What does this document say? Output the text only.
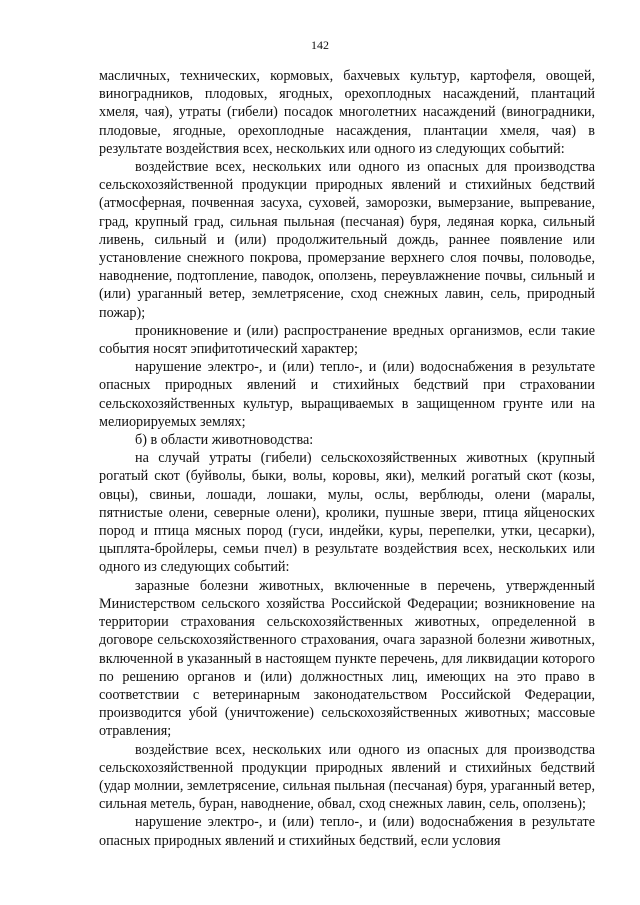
142

масличных, технических, кормовых, бахчевых культур, картофеля, овощей, виноградников, плодовых, ягодных, орехоплодных насаждений, плантаций хмеля, чая), утраты (гибели) посадок многолетних насаждений (виноградники, плодовые, ягодные, орехоплодные насаждения, плантации хмеля, чая) в результате воздействия всех, нескольких или одного из следующих событий:

воздействие всех, нескольких или одного из опасных для производства сельскохозяйственной продукции природных явлений и стихийных бедствий (атмосферная, почвенная засуха, суховей, заморозки, вымерзание, выпревание, град, крупный град, сильная пыльная (песчаная) буря, ледяная корка, сильный ливень, сильный и (или) продолжительный дождь, раннее появление или установление снежного покрова, промерзание верхнего слоя почвы, половодье, наводнение, подтопление, паводок, оползень, переувлажнение почвы, сильный и (или) ураганный ветер, землетрясение, сход снежных лавин, сель, природный пожар);

проникновение и (или) распространение вредных организмов, если такие события носят эпифитотический характер;

нарушение электро-, и (или) тепло-, и (или) водоснабжения в результате опасных природных явлений и стихийных бедствий при страховании сельскохозяйственных культур, выращиваемых в защищенном грунте или на мелиорируемых землях;

б) в области животноводства:

на случай утраты (гибели) сельскохозяйственных животных (крупный рогатый скот (буйволы, быки, волы, коровы, яки), мелкий рогатый скот (козы, овцы), свиньи, лошади, лошаки, мулы, ослы, верблюды, олени (маралы, пятнистые олени, северные олени), кролики, пушные звери, птица яйценоских пород и птица мясных пород (гуси, индейки, куры, перепелки, утки, цесарки), цыплята-бройлеры, семьи пчел) в результате воздействия всех, нескольких или одного из следующих событий:

заразные болезни животных, включенные в перечень, утвержденный Министерством сельского хозяйства Российской Федерации; возникновение на территории страхования сельскохозяйственных животных, определенной в договоре сельскохозяйственного страхования, очага заразной болезни животных, включенной в указанный в настоящем пункте перечень, для ликвидации которого по решению органов и (или) должностных лиц, имеющих на это право в соответствии с ветеринарным законодательством Российской Федерации, производится убой (уничтожение) сельскохозяйственных животных; массовые отравления;

воздействие всех, нескольких или одного из опасных для производства сельскохозяйственной продукции природных явлений и стихийных бедствий (удар молнии, землетрясение, сильная пыльная (песчаная) буря, ураганный ветер, сильная метель, буран, наводнение, обвал, сход снежных лавин, сель, оползень);

нарушение электро-, и (или) тепло-, и (или) водоснабжения в результате опасных природных явлений и стихийных бедствий, если условия
